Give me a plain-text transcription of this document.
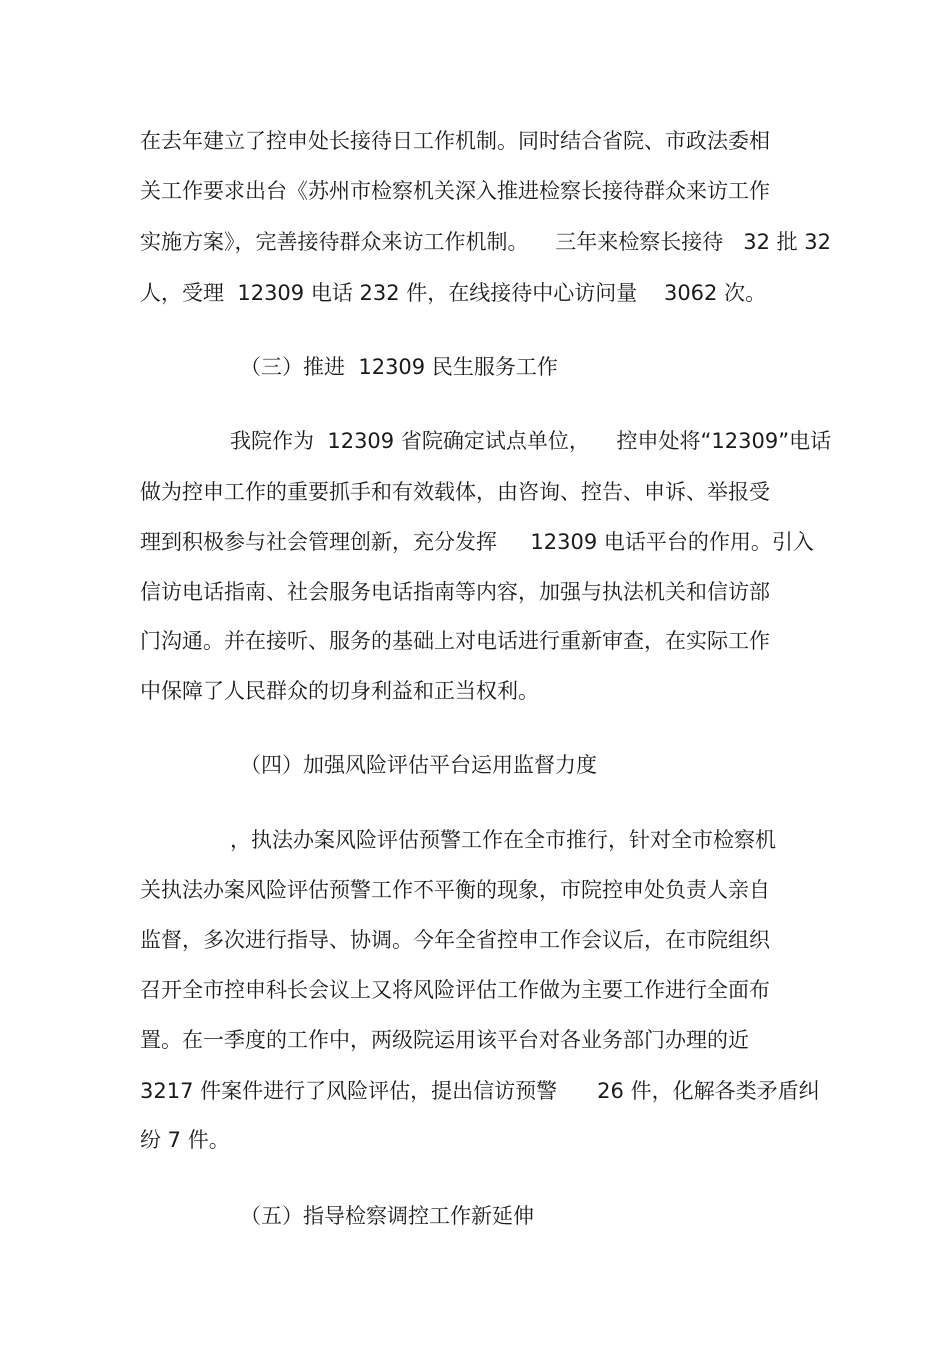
在去年建立了控申处长接待日工作机制。同时结合省院、市政法委相
关工作要求出台《苏州市检察机关深入推进检察长接待群众来访工作
实施方案》，完善接待群众来访工作机制。    三年来检察长接待   32 批 32
人，受理  12309 电话 232 件，在线接待中心访问量    3062 次。
（三）推进  12309 民生服务工作
我院作为  12309 省院确定试点单位，    控申处将“12309”电话
做为控申工作的重要抓手和有效载体，由咨询、控告、申诉、举报受
理到积极参与社会管理创新，充分发挥     12309 电话平台的作用。引入
信访电话指南、社会服务电话指南等内容，加强与执法机关和信访部
门沟通。并在接听、服务的基础上对电话进行重新审查，在实际工作
中保障了人民群众的切身利益和正当权利。
（四）加强风险评估平台运用监督力度
，执法办案风险评估预警工作在全市推行，针对全市检察机
关执法办案风险评估预警工作不平衡的现象，市院控申处负责人亲自
监督，多次进行指导、协调。今年全省控申工作会议后，在市院组织
召开全市控申科长会议上又将风险评估工作做为主要工作进行全面布
置。在一季度的工作中，两级院运用该平台对各业务部门办理的近
3217 件案件进行了风险评估，提出信访预警      26 件，化解各类矛盾纠
纷 7 件。
（五）指导检察调控工作新延伸
